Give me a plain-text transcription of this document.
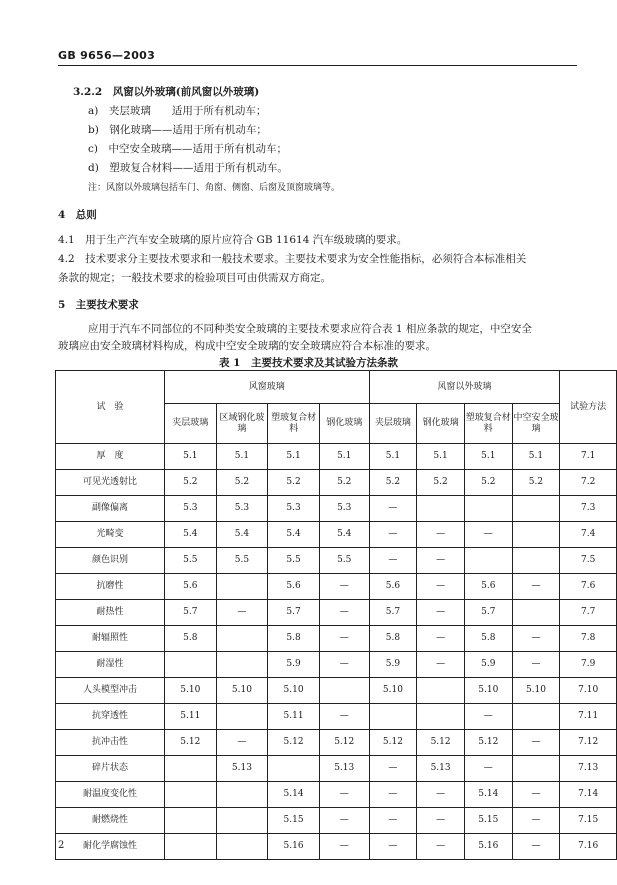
GB 9656—2003
3.2.2　风窗以外玻璃(前风窗以外玻璃)
a)　夹层玻璃　　适用于所有机动车；
b)　钢化玻璃——适用于所有机动车；
c)　中空安全玻璃——适用于所有机动车；
d)　塑玻复合材料——适用于所有机动车。
注：风窗以外玻璃包括车门、角窗、侧窗、后窗及顶窗玻璃等。
4　总则
4.1　用于生产汽车安全玻璃的原片应符合 GB 11614 汽车级玻璃的要求。
4.2　技术要求分主要技术要求和一般技术要求。主要技术要求为安全性能指标，必须符合本标准相关
条款的规定；一般技术要求的检验项目可由供需双方商定。
5　主要技术要求
应用于汽车不同部位的不同种类安全玻璃的主要技术要求应符合表 1 相应条款的规定，中空安全
玻璃应由安全玻璃材料构成，构成中空安全玻璃的安全玻璃应符合本标准的要求。
表 1　主要技术要求及其试验方法条款
试　验	风窗玻璃				风窗以外玻璃				试验方法
	夹层玻璃	区域钢化玻璃	塑玻复合材料	钢化玻璃	夹层玻璃	钢化玻璃	塑玻复合材料	中空安全玻璃	
厚　度	5.1	5.1	5.1	5.1	5.1	5.1	5.1	5.1	7.1
可见光透射比	5.2	5.2	5.2	5.2	5.2	5.2	5.2	5.2	7.2
副像偏离	5.3	5.3	5.3	5.3	—				7.3
光畸变	5.4	5.4	5.4	5.4	—	—	—		7.4
颜色识别	5.5	5.5	5.5	5.5	—	—			7.5
抗磨性	5.6		5.6	—	5.6	—	5.6	—	7.6
耐热性	5.7	—	5.7	—	5.7	—	5.7		7.7
耐辐照性	5.8		5.8	—	5.8	—	5.8	—	7.8
耐湿性			5.9	—	5.9	—	5.9	—	7.9
人头模型冲击	5.10	5.10	5.10		5.10		5.10	5.10	7.10
抗穿透性	5.11		5.11	—			—		7.11
抗冲击性	5.12	—	5.12	5.12	5.12	5.12	5.12	—	7.12
碎片状态		5.13		5.13	—	5.13	—		7.13
耐温度变化性			5.14	—	—	—	5.14	—	7.14
耐燃烧性			5.15	—	—	—	5.15	—	7.15
耐化学腐蚀性			5.16	—	—	—	5.16	—	7.16
2
